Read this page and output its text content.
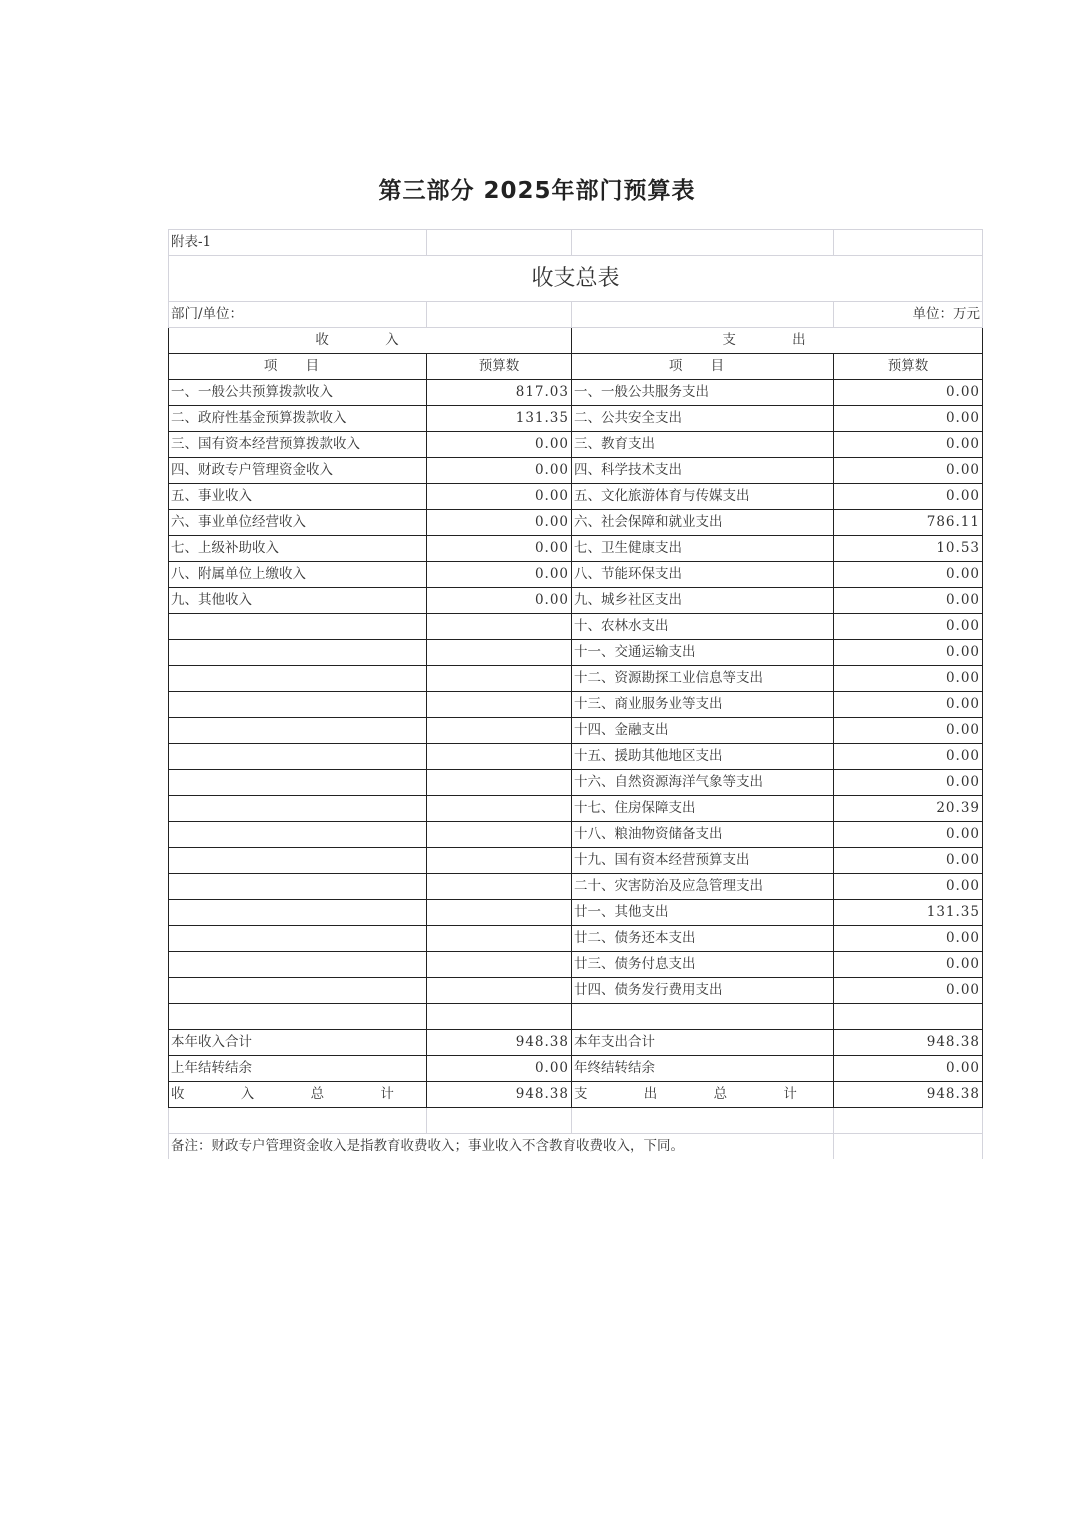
第三部分 2025年部门预算表
附表-1			
收支总表			
部门/单位：			单位：万元
收 入		支 出	
项 目	预算数	项 目	预算数
一、一般公共预算拨款收入	817.03	一、一般公共服务支出	0.00
二、政府性基金预算拨款收入	131.35	二、公共安全支出	0.00
三、国有资本经营预算拨款收入	0.00	三、教育支出	0.00
四、财政专户管理资金收入	0.00	四、科学技术支出	0.00
五、事业收入	0.00	五、文化旅游体育与传媒支出	0.00
六、事业单位经营收入	0.00	六、社会保障和就业支出	786.11
七、上级补助收入	0.00	七、卫生健康支出	10.53
八、附属单位上缴收入	0.00	八、节能环保支出	0.00
九、其他收入	0.00	九、城乡社区支出	0.00
		十、农林水支出	0.00
		十一、交通运输支出	0.00
		十二、资源勘探工业信息等支出	0.00
		十三、商业服务业等支出	0.00
		十四、金融支出	0.00
		十五、援助其他地区支出	0.00
		十六、自然资源海洋气象等支出	0.00
		十七、住房保障支出	20.39
		十八、粮油物资储备支出	0.00
		十九、国有资本经营预算支出	0.00
		二十、灾害防治及应急管理支出	0.00
		廿一、其他支出	131.35
		廿二、债务还本支出	0.00
		廿三、债务付息支出	0.00
		廿四、债务发行费用支出	0.00

本年收入合计	948.38	本年支出合计	948.38
上年结转结余	0.00	年终结转结余	0.00
收 入 总 计	948.38	支 出 总 计	948.38

备注：财政专户管理资金收入是指教育收费收入；事业收入不含教育收费收入，下同。			
